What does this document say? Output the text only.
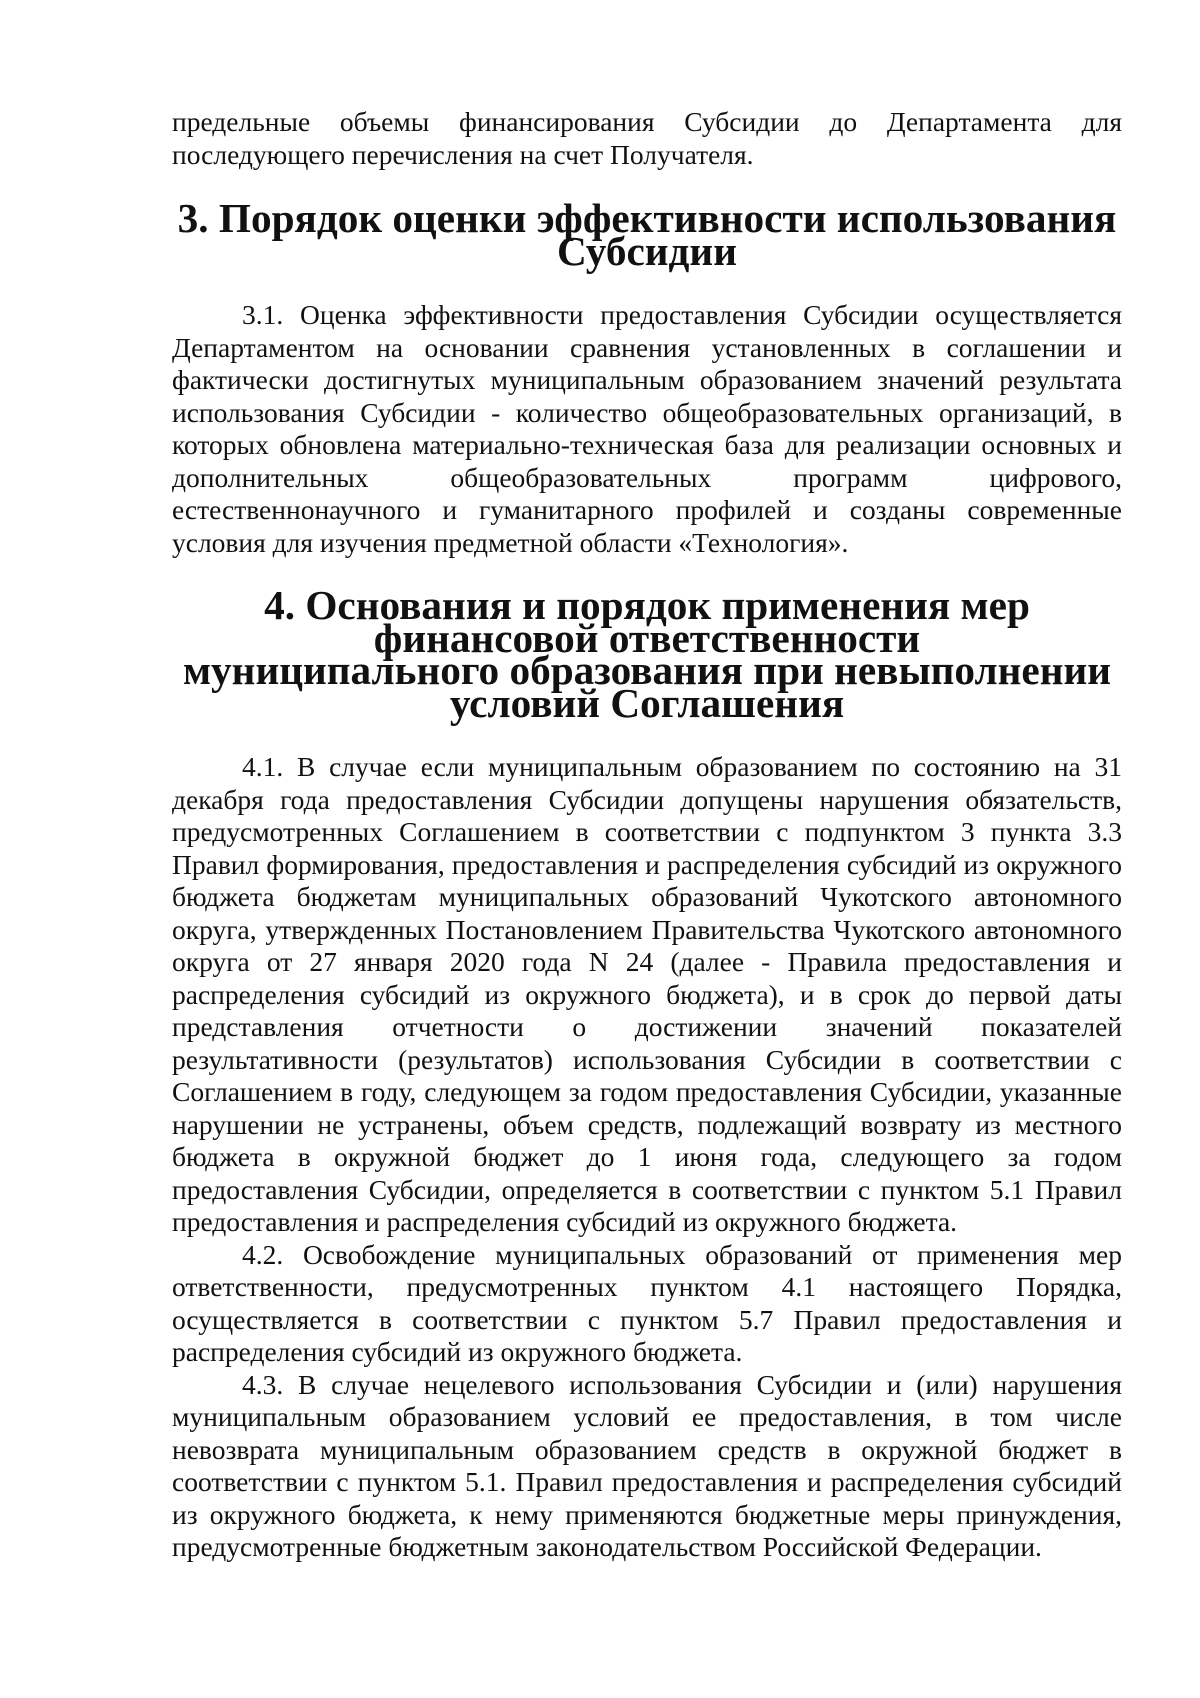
предельные объемы финансирования Субсидии до Департамента для последующего перечисления на счет Получателя.

3. Порядок оценки эффективности использования Субсидии

3.1. Оценка эффективности предоставления Субсидии осуществляется Департаментом на основании сравнения установленных в соглашении и фактически достигнутых муниципальным образованием значений результата использования Субсидии - количество общеобразовательных организаций, в которых обновлена материально-техническая база для реализации основных и дополнительных общеобразовательных программ цифрового, естественнонаучного и гуманитарного профилей и созданы современные условия для изучения предметной области «Технология».

4. Основания и порядок применения мер финансовой ответственности
муниципального образования при невыполнении условий Соглашения

4.1. В случае если муниципальным образованием по состоянию на 31 декабря года предоставления Субсидии допущены нарушения обязательств, предусмотренных Соглашением в соответствии с подпунктом 3 пункта 3.3 Правил формирования, предоставления и распределения субсидий из окружного бюджета бюджетам муниципальных образований Чукотского автономного округа, утвержденных Постановлением Правительства Чукотского автономного округа от 27 января 2020 года N 24 (далее - Правила предоставления и распределения субсидий из окружного бюджета), и в срок до первой даты представления отчетности о достижении значений показателей результативности (результатов) использования Субсидии в соответствии с Соглашением в году, следующем за годом предоставления Субсидии, указанные нарушении не устранены, объем средств, подлежащий возврату из местного бюджета в окружной бюджет до 1 июня года, следующего за годом предоставления Субсидии, определяется в соответствии с пунктом 5.1 Правил предоставления и распределения субсидий из окружного бюджета.

4.2. Освобождение муниципальных образований от применения мер ответственности, предусмотренных пунктом 4.1 настоящего Порядка, осуществляется в соответствии с пунктом 5.7 Правил предоставления и распределения субсидий из окружного бюджета.

4.3. В случае нецелевого использования Субсидии и (или) нарушения муниципальным образованием условий ее предоставления, в том числе невозврата муниципальным образованием средств в окружной бюджет в соответствии с пунктом 5.1. Правил предоставления и распределения субсидий из окружного бюджета, к нему применяются бюджетные меры принуждения, предусмотренные бюджетным законодательством Российской Федерации.
